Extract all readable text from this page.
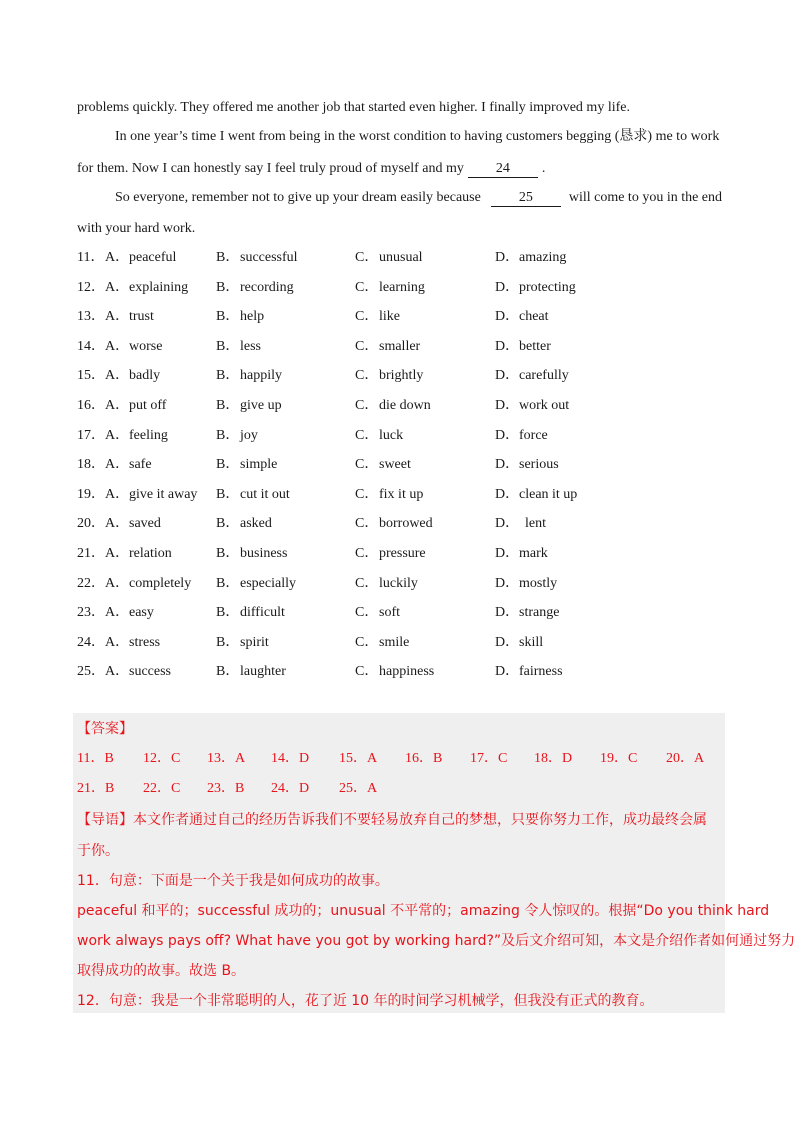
problems quickly. They offered me another job that started even higher. I finally improved my life.
In one year’s time I went from being in the worst condition to having customers begging (恳求) me to work
for them. Now I can honestly say I feel truly proud of myself and my 24 .
So everyone, remember not to give up your dream easily because	25	will come to you in the end
with your hard work.
11． A．peaceful	B．successful	C．unusual	D．amazing
12． A．explaining B．recording	C．learning	D．protecting
13． A．trust	B．help	C．like	D．cheat
14． A．worse	B．less	C．smaller	D．better
15． A．badly	B．happily	C．brightly	D．carefully
16． A．put off	B．give up	C．die down	D．work out
17． A．feeling	B．joy	C．luck	D．force
18． A．safe	B．simple	C．sweet	D．serious
19． A．give it away B．cut it out	C．fix it up	D．clean it up
20． A．saved	B．asked	C．borrowed	D． lent
21． A．relation	B．business	C．pressure	D．mark
22． A．completely B．especially	C．luckily	D．mostly
23． A．easy	B．difficult	C．soft	D．strange
24． A．stress	B．spirit	C．smile	D．skill
25． A．success	B．laughter	C．happiness	D．fairness
【答案】
11．B 12．C 13．A 14．D 15．A 16．B 17．C 18．D 19．C 20．A
21．B 22．C 23．B 24．D 25．A
【导语】本文作者通过自己的经历告诉我们不要轻易放弃自己的梦想，只要你努力工作，成功最终会属
于你。
11．句意：下面是一个关于我是如何成功的故事。
peaceful 和平的；successful 成功的；unusual 不平常的；amazing 令人惊叹的。根据“Do you think hard
work always pays off? What have you got by working hard?”及后文介绍可知，本文是介绍作者如何通过努力
取得成功的故事。故选 B。
12．句意：我是一个非常聪明的人，花了近 10 年的时间学习机械学，但我没有正式的教育。
